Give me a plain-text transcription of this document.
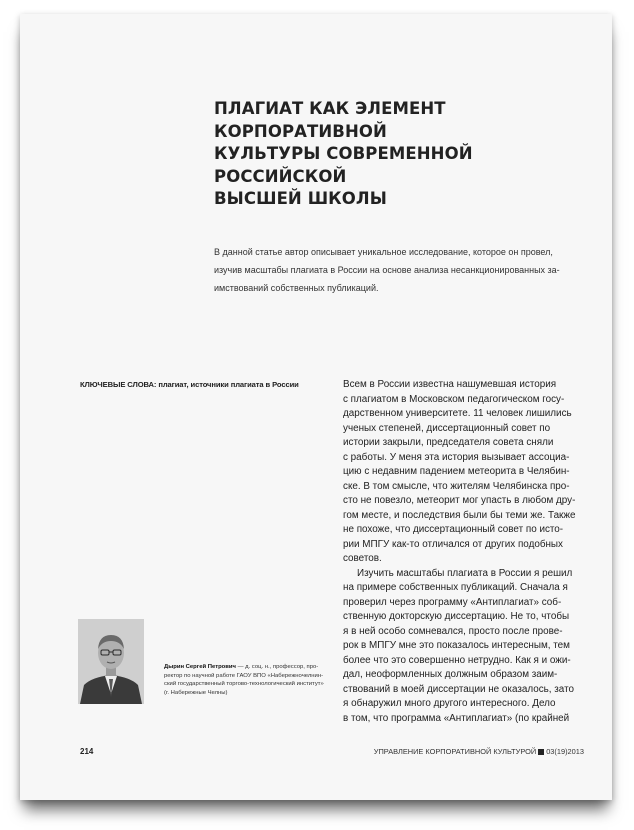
ПЛАГИАТ КАК ЭЛЕМЕНТ КОРПОРАТИВНОЙ
КУЛЬТУРЫ СОВРЕМЕННОЙ РОССИЙСКОЙ
ВЫСШЕЙ ШКОЛЫ

В данной статье автор описывает уникальное исследование, которое он провел,
изучив масштабы плагиата в России на основе анализа несанкционированных за-
имствований собственных публикаций.

КЛЮЧЕВЫЕ СЛОВА: плагиат, источники плагиата в России	Всем в России известна нашумевшая история
с плагиатом в Московском педагогическом госу-
дарственном университете. 11 человек лишились
ученых степеней, диссертационный совет по
истории закрыли, председателя совета сняли
с работы. У меня эта история вызывает ассоциа-
цию с недавним падением метеорита в Челябин-
ске. В том смысле, что жителям Челябинска про-
сто не повезло, метеорит мог упасть в любом дру-
гом месте, и последствия были бы теми же. Также
не похоже, что диссертационный совет по исто-
рии МПГУ как-то отличался от других подобных
советов.
Изучить масштабы плагиата в России я решил
на примере собственных публикаций. Сначала я
проверил через программу «Антиплагиат» соб-
ственную докторскую диссертацию. Не то, чтобы
я в ней особо сомневался, просто после прове-
рок в МПГУ мне это показалось интересным, тем
более что это совершенно нетрудно. Как я и ожи-
дал, неоформленных должным образом заим-
ствований в моей диссертации не оказалось, зато
я обнаружил много другого интересного. Дело
в том, что программа «Антиплагиат» (по крайней

Дырин Сергей Петрович — д. соц. н., профессор, про-
ректор по научной работе ГАОУ ВПО «Набережночелнин-
ский государственный торгово-технологический институт»
(г. Набережные Челны)

214	УПРАВЛЕНИЕ КОРПОРАТИВНОЙ КУЛЬТУРОЙ 03(19)2013
